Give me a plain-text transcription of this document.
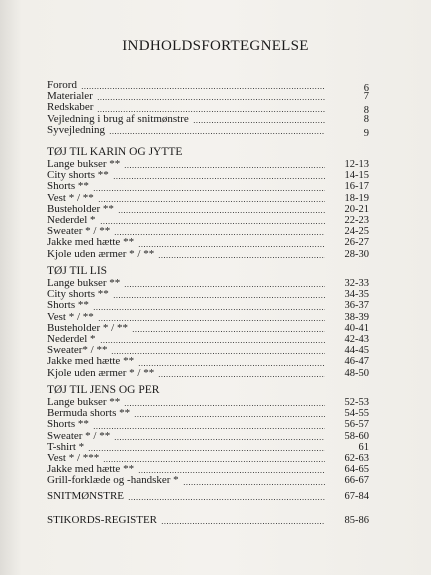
INDHOLDSFORTEGNELSE
Forord	6
Materialer	7
Redskaber	8
Vejledning i brug af snitmønstre	8
Syvejledning	9
TØJ TIL KARIN OG JYTTE
Lange bukser **	12-13
City shorts **	14-15
Shorts **	16-17
Vest * / **	18-19
Busteholder **	20-21
Nederdel *	22-23
Sweater * / **	24-25
Jakke med hætte **	26-27
Kjole uden ærmer * / **	28-30
TØJ TIL LIS
Lange bukser **	32-33
City shorts **	34-35
Shorts **	36-37
Vest * / **	38-39
Busteholder * / **	40-41
Nederdel *	42-43
Sweater* / **	44-45
Jakke med hætte **	46-47
Kjole uden ærmer * / **	48-50
TØJ TIL JENS OG PER
Lange bukser **	52-53
Bermuda shorts **	54-55
Shorts **	56-57
Sweater * / **	58-60
T-shirt *	61
Vest * / ***	62-63
Jakke med hætte **	64-65
Grill-forklæde og -handsker *	66-67
SNITMØNSTRE	67-84
STIKORDS-REGISTER	85-86
